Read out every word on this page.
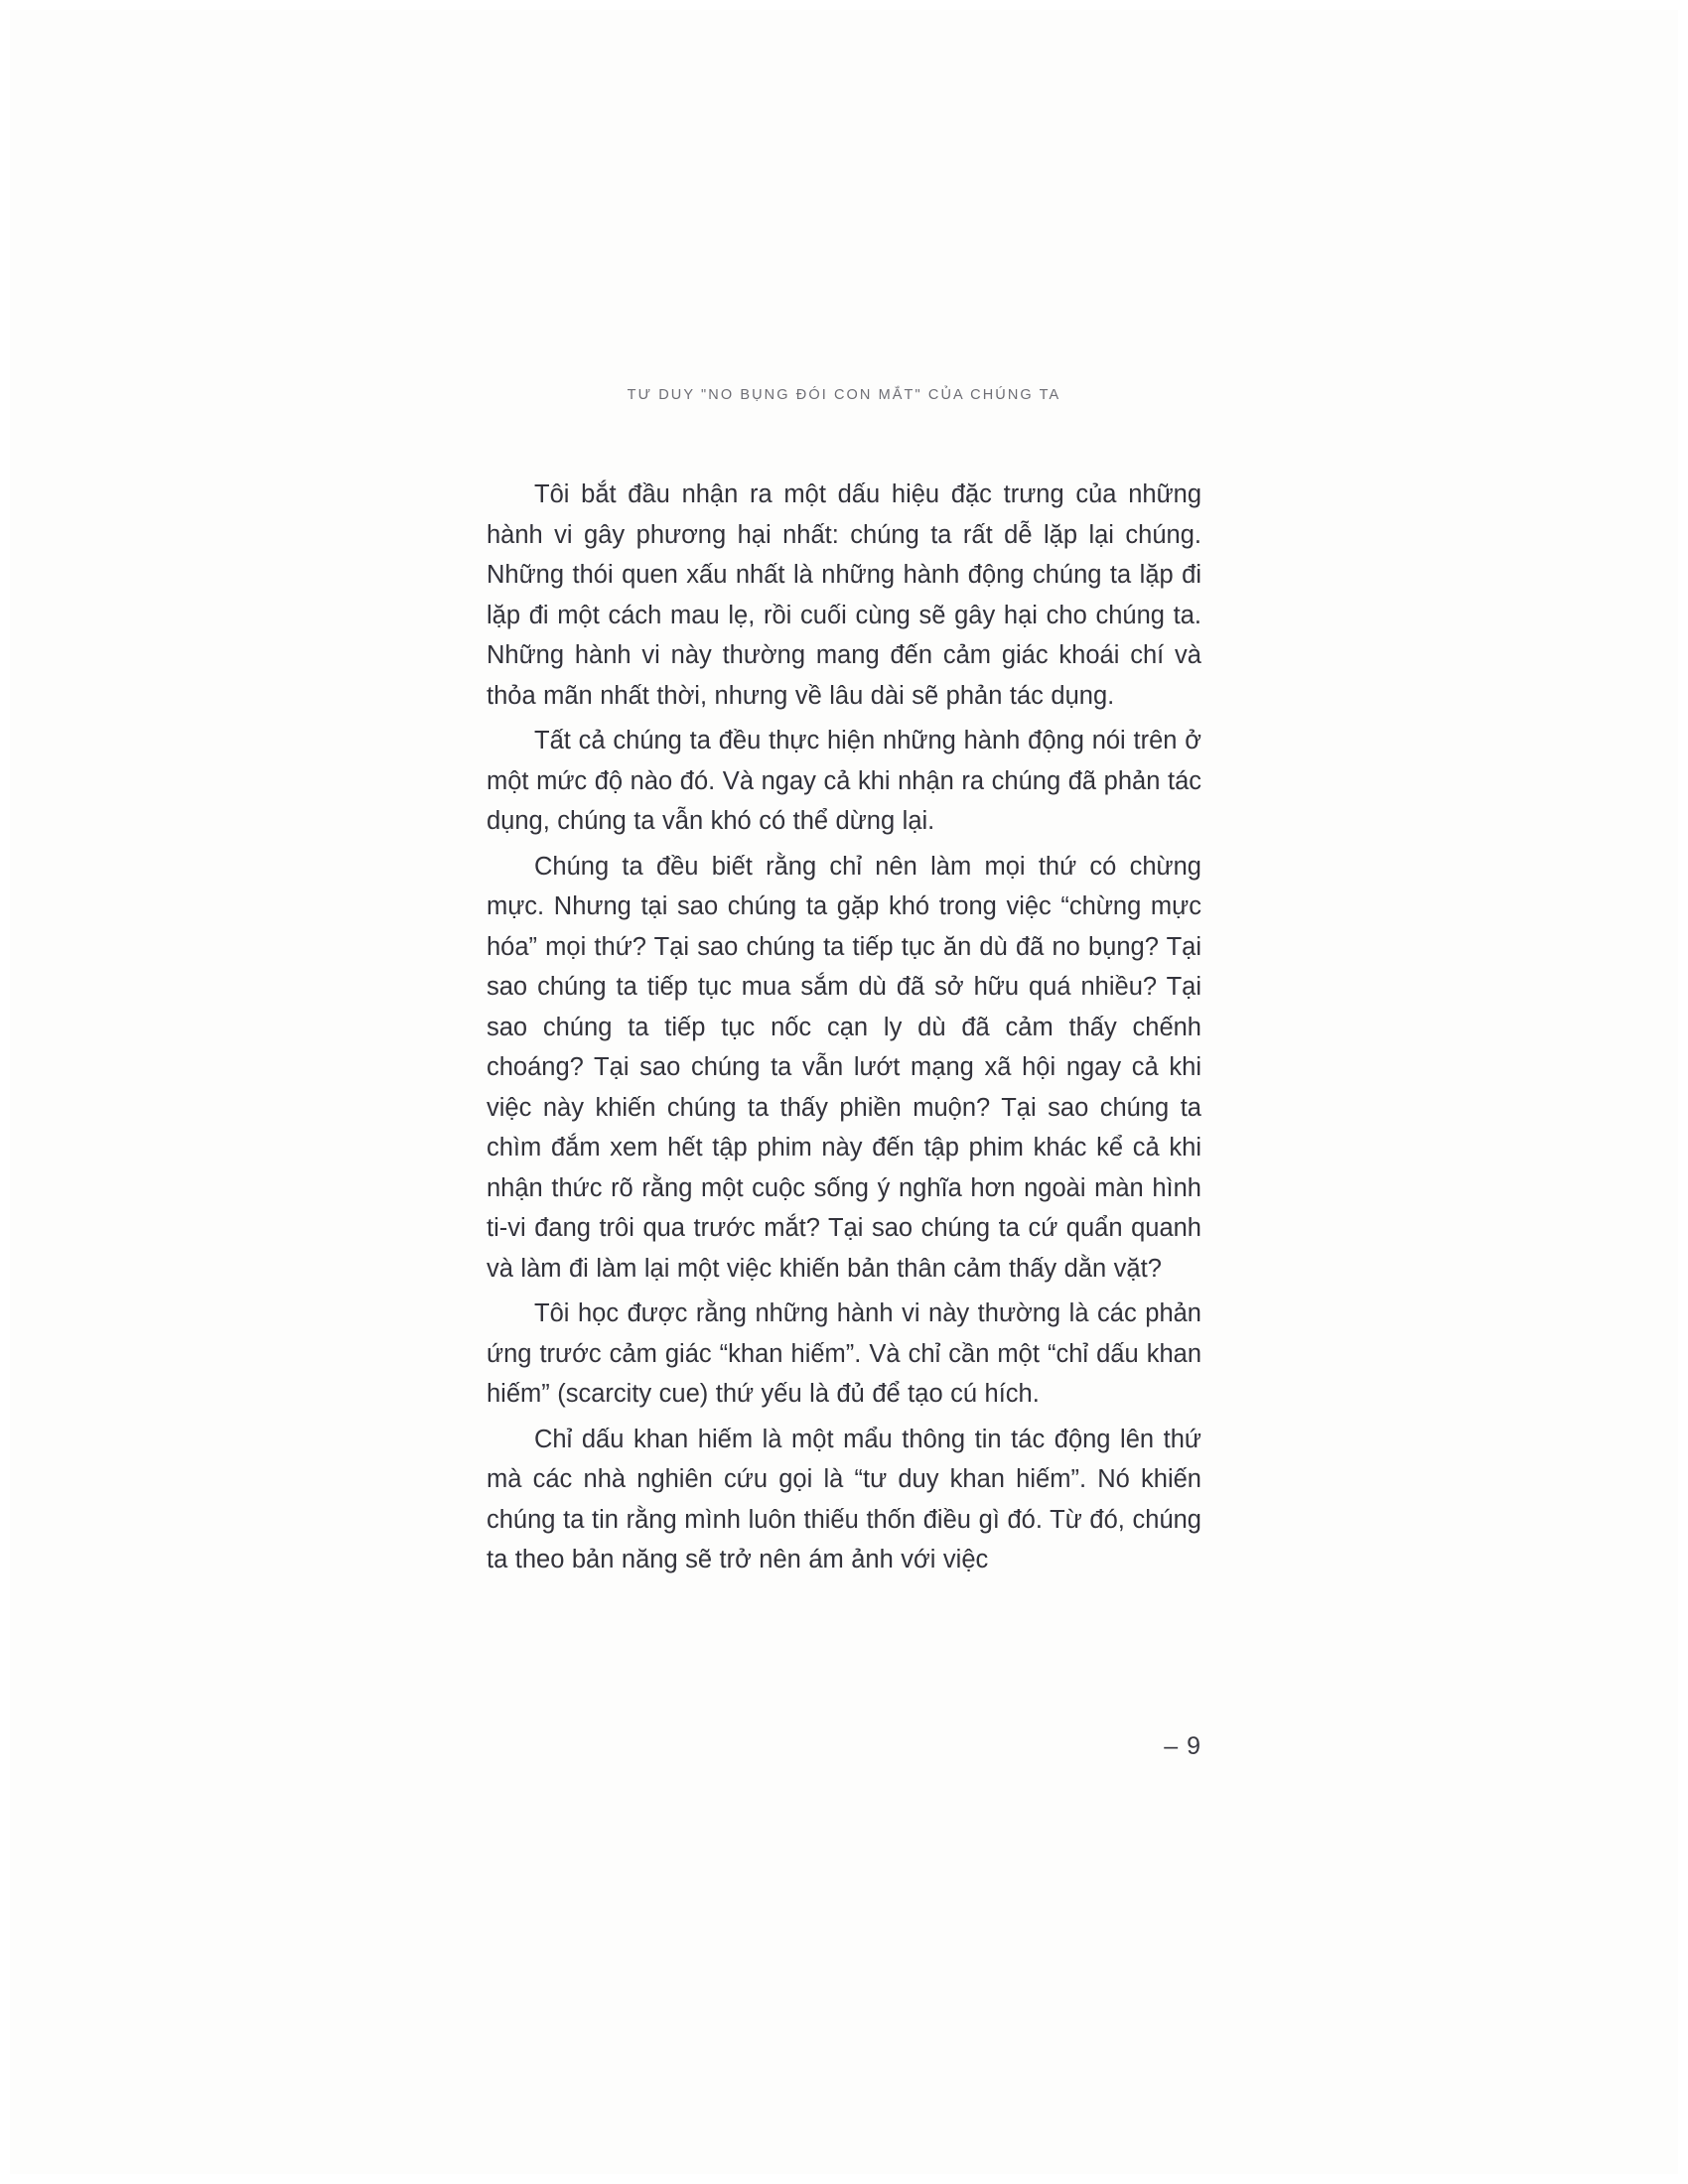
TƯ DUY "NO BỤNG ĐÓI CON MẮT" CỦA CHÚNG TA

Tôi bắt đầu nhận ra một dấu hiệu đặc trưng của những hành vi gây phương hại nhất: chúng ta rất dễ lặp lại chúng. Những thói quen xấu nhất là những hành động chúng ta lặp đi lặp đi một cách mau lẹ, rồi cuối cùng sẽ gây hại cho chúng ta. Những hành vi này thường mang đến cảm giác khoái chí và thỏa mãn nhất thời, nhưng về lâu dài sẽ phản tác dụng.

Tất cả chúng ta đều thực hiện những hành động nói trên ở một mức độ nào đó. Và ngay cả khi nhận ra chúng đã phản tác dụng, chúng ta vẫn khó có thể dừng lại.

Chúng ta đều biết rằng chỉ nên làm mọi thứ có chừng mực. Nhưng tại sao chúng ta gặp khó trong việc “chừng mực hóa” mọi thứ? Tại sao chúng ta tiếp tục ăn dù đã no bụng? Tại sao chúng ta tiếp tục mua sắm dù đã sở hữu quá nhiều? Tại sao chúng ta tiếp tục nốc cạn ly dù đã cảm thấy chếnh choáng? Tại sao chúng ta vẫn lướt mạng xã hội ngay cả khi việc này khiến chúng ta thấy phiền muộn? Tại sao chúng ta chìm đắm xem hết tập phim này đến tập phim khác kể cả khi nhận thức rõ rằng một cuộc sống ý nghĩa hơn ngoài màn hình ti-vi đang trôi qua trước mắt? Tại sao chúng ta cứ quẩn quanh và làm đi làm lại một việc khiến bản thân cảm thấy dằn vặt?

Tôi học được rằng những hành vi này thường là các phản ứng trước cảm giác “khan hiếm”. Và chỉ cần một “chỉ dấu khan hiếm” (scarcity cue) thứ yếu là đủ để tạo cú hích.

Chỉ dấu khan hiếm là một mẩu thông tin tác động lên thứ mà các nhà nghiên cứu gọi là “tư duy khan hiếm”. Nó khiến chúng ta tin rằng mình luôn thiếu thốn điều gì đó. Từ đó, chúng ta theo bản năng sẽ trở nên ám ảnh với việc

– 9
